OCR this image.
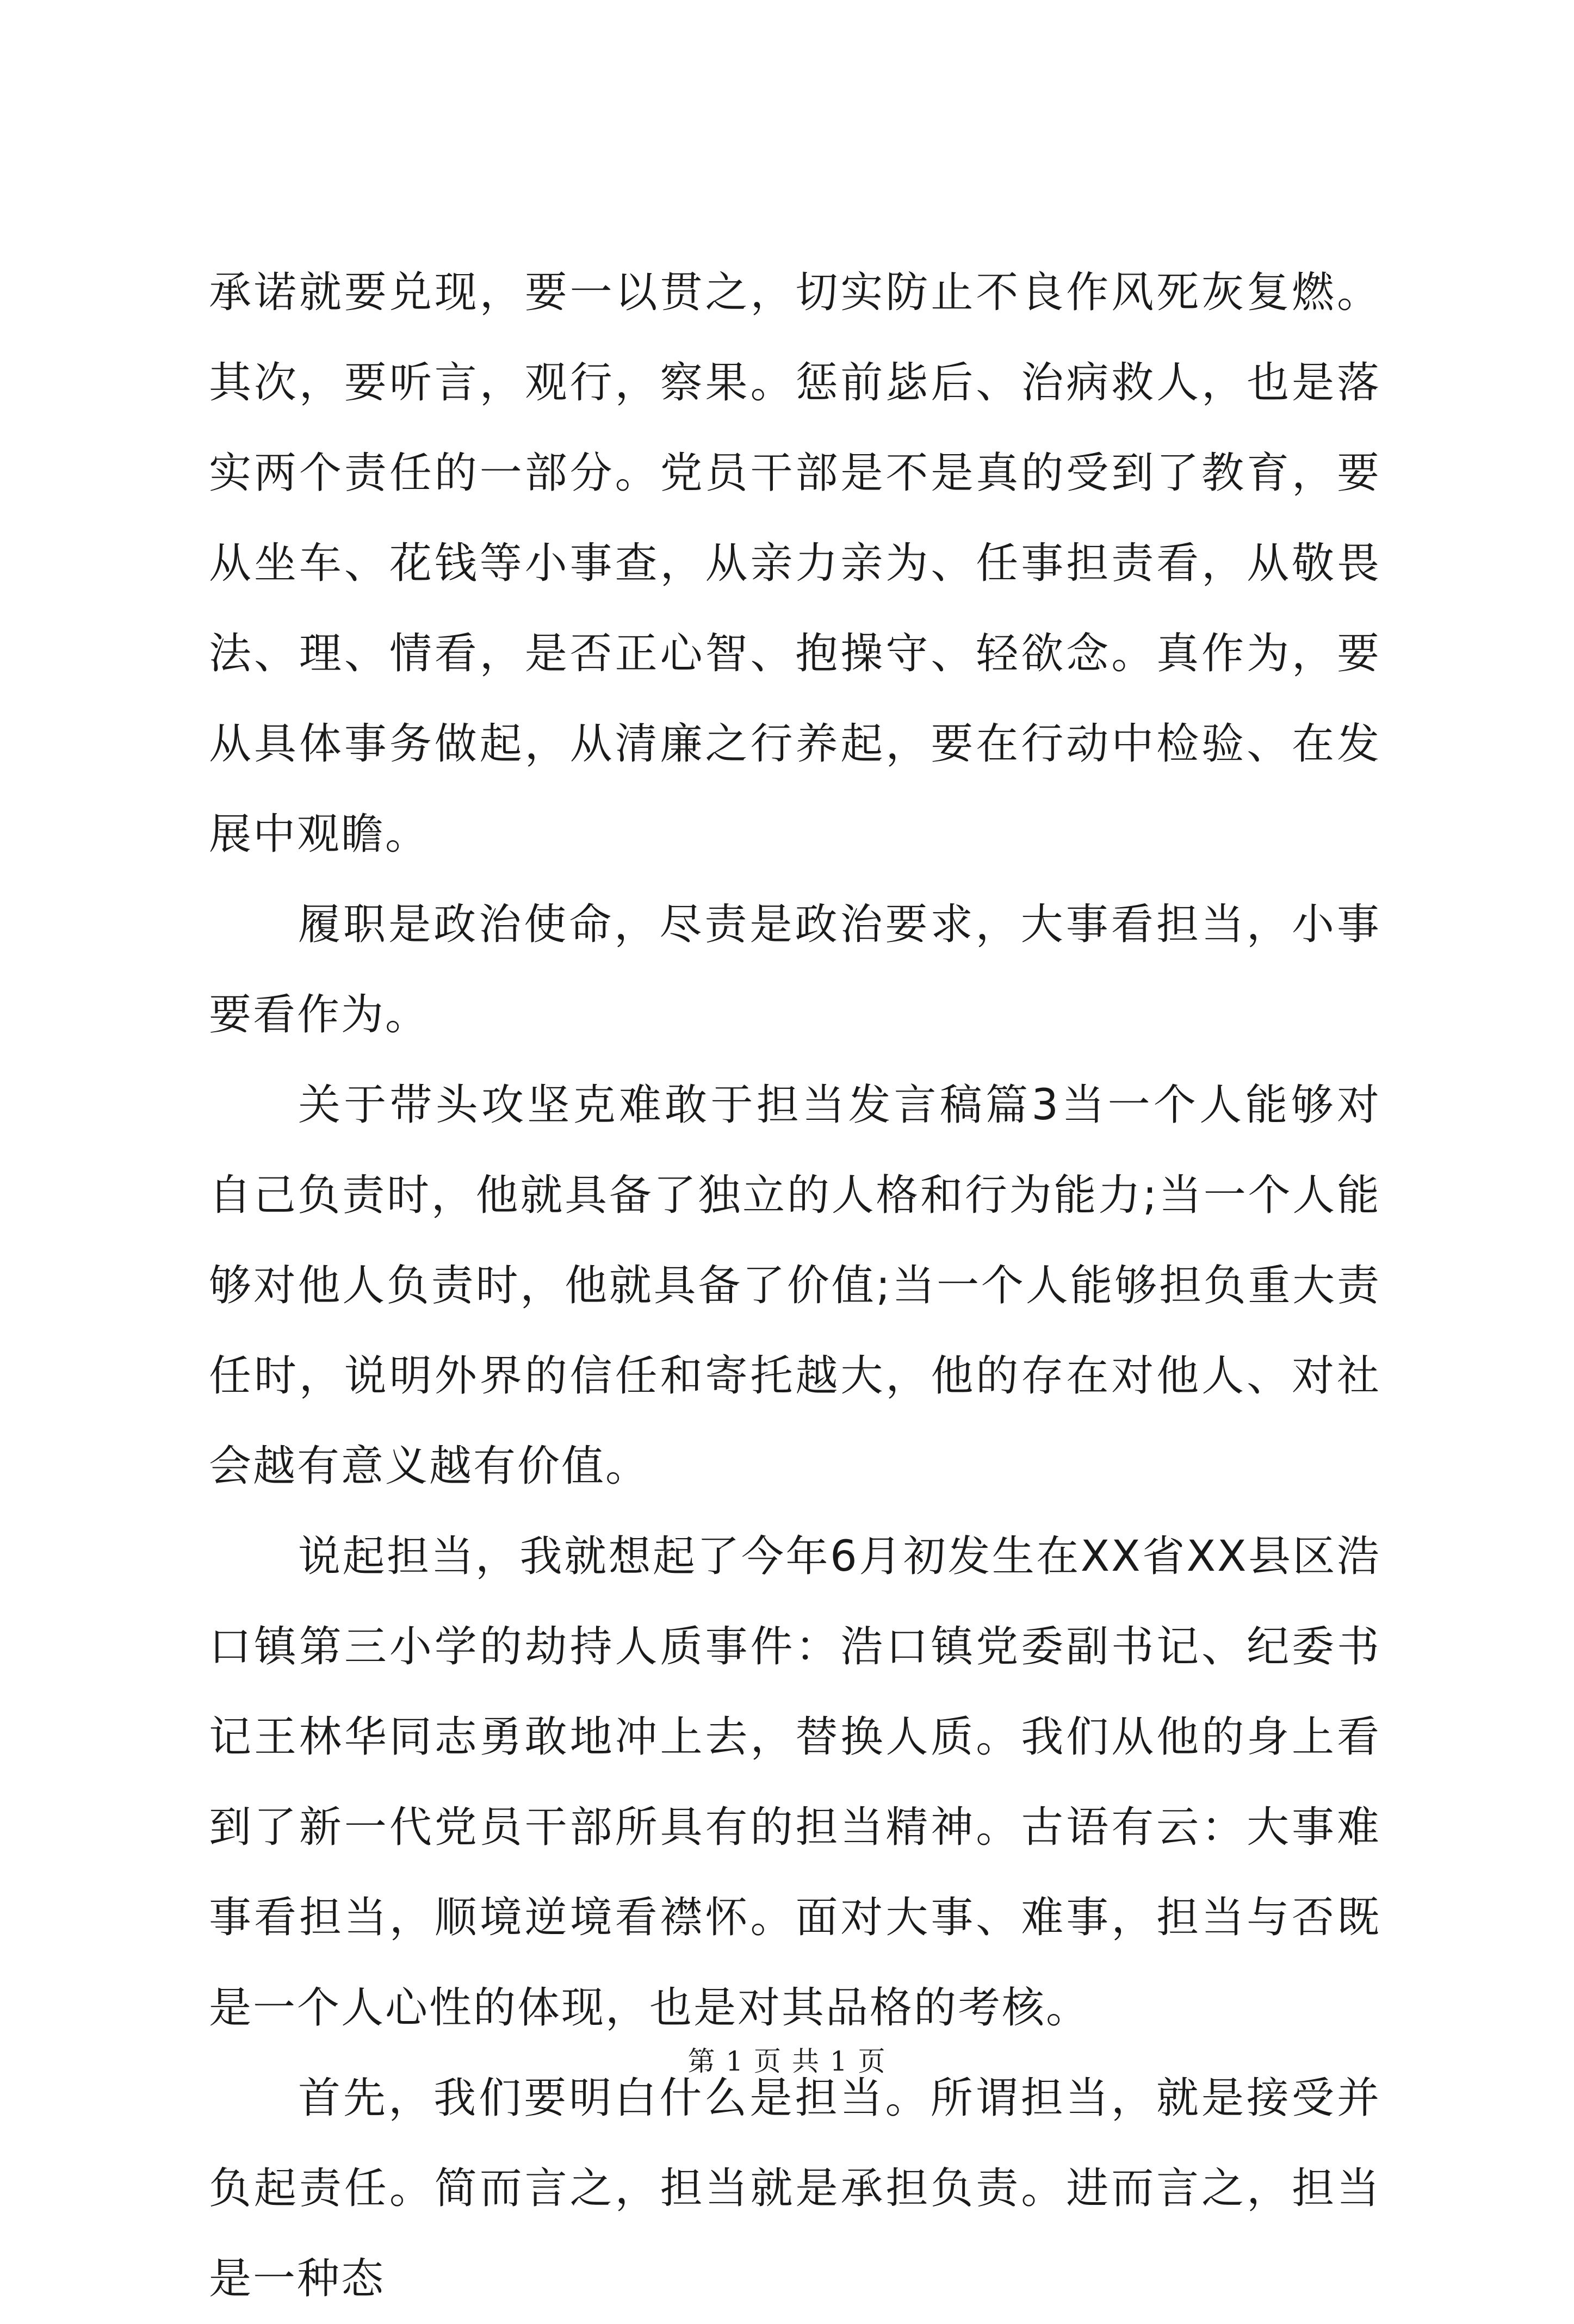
承诺就要兑现，要一以贯之，切实防止不良作风死灰复燃。其次，要听言，观行，察果。惩前毖后、治病救人，也是落实两个责任的一部分。党员干部是不是真的受到了教育，要从坐车、花钱等小事查，从亲力亲为、任事担责看，从敬畏法、理、情看，是否正心智、抱操守、轻欲念。真作为，要从具体事务做起，从清廉之行养起，要在行动中检验、在发展中观瞻。

履职是政治使命，尽责是政治要求，大事看担当，小事要看作为。

关于带头攻坚克难敢于担当发言稿篇3当一个人能够对自己负责时，他就具备了独立的人格和行为能力;当一个人能够对他人负责时，他就具备了价值;当一个人能够担负重大责任时，说明外界的信任和寄托越大，他的存在对他人、对社会越有意义越有价值。

说起担当，我就想起了今年6月初发生在XX省XX县区浩口镇第三小学的劫持人质事件：浩口镇党委副书记、纪委书记王林华同志勇敢地冲上去，替换人质。我们从他的身上看到了新一代党员干部所具有的担当精神。古语有云：大事难事看担当，顺境逆境看襟怀。面对大事、难事，担当与否既是一个人心性的体现，也是对其品格的考核。

首先，我们要明白什么是担当。所谓担当，就是接受并负起责任。简而言之，担当就是承担负责。进而言之，担当是一种态

第 1 页 共 1 页
